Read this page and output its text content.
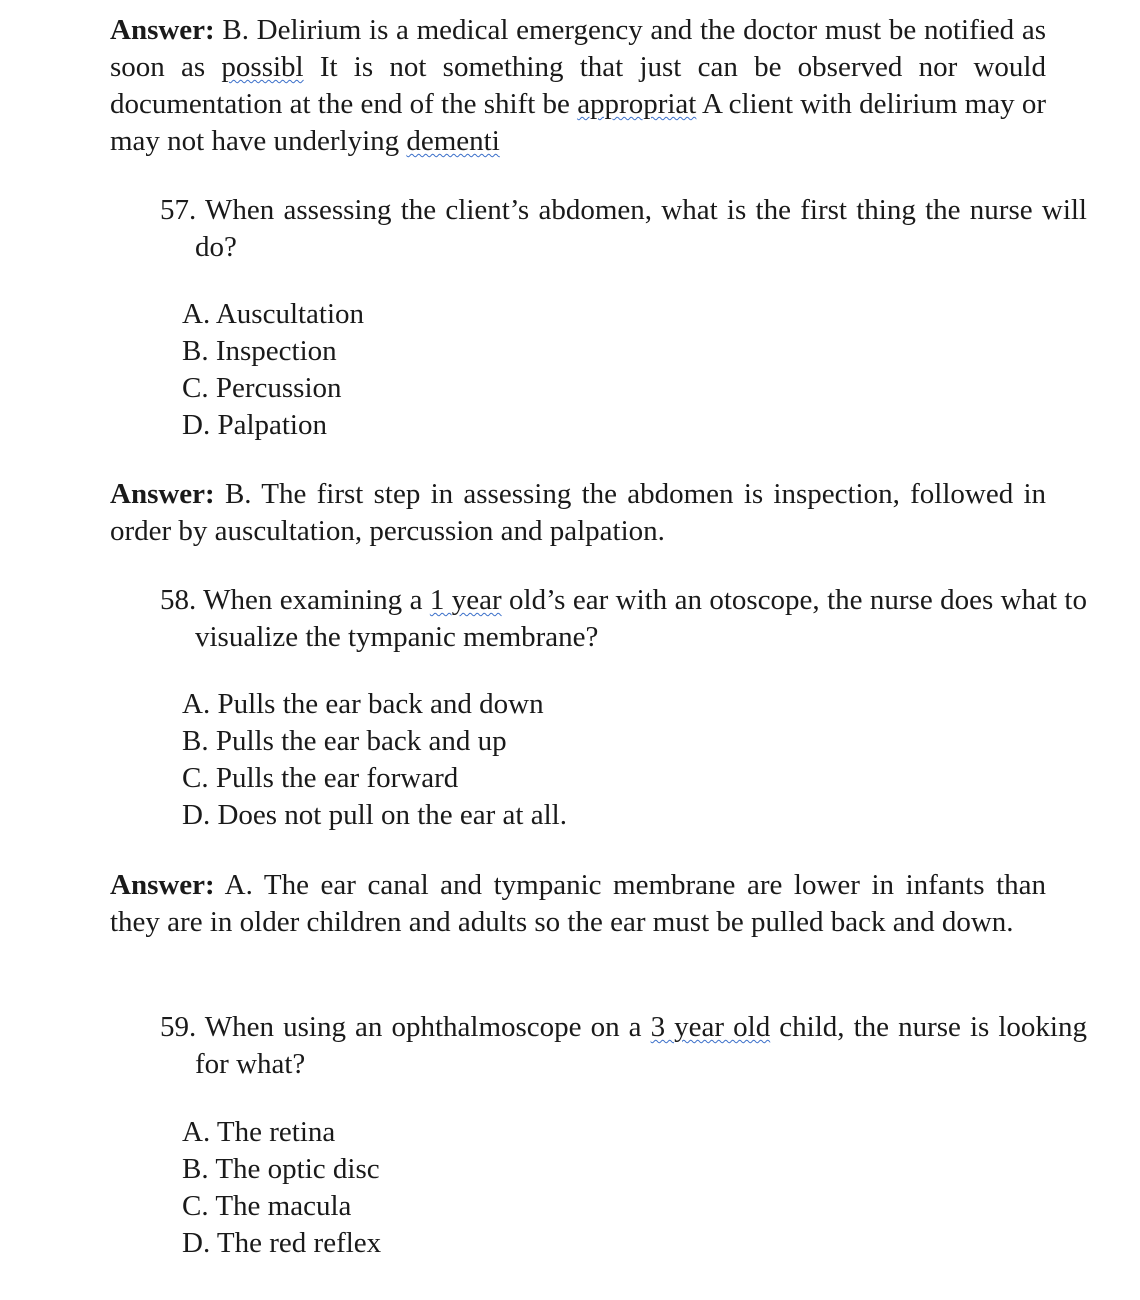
Answer: B. Delirium is a medical emergency and the doctor must be notified as soon as possibl It is not something that just can be observed nor would documentation at the end of the shift be appropriat A client with delirium may or may not have underlying dementi

57. When assessing the client’s abdomen, what is the first thing the nurse will do?

A. Auscultation
B. Inspection
C. Percussion
D. Palpation

Answer: B. The first step in assessing the abdomen is inspection, followed in order by auscultation, percussion and palpation.

58. When examining a 1 year old’s ear with an otoscope, the nurse does what to visualize the tympanic membrane?

A. Pulls the ear back and down
B. Pulls the ear back and up
C. Pulls the ear forward
D. Does not pull on the ear at all.

Answer: A. The ear canal and tympanic membrane are lower in infants than they are in older children and adults so the ear must be pulled back and down.

59. When using an ophthalmoscope on a 3 year old child, the nurse is looking for what?

A. The retina
B. The optic disc
C. The macula
D. The red reflex
